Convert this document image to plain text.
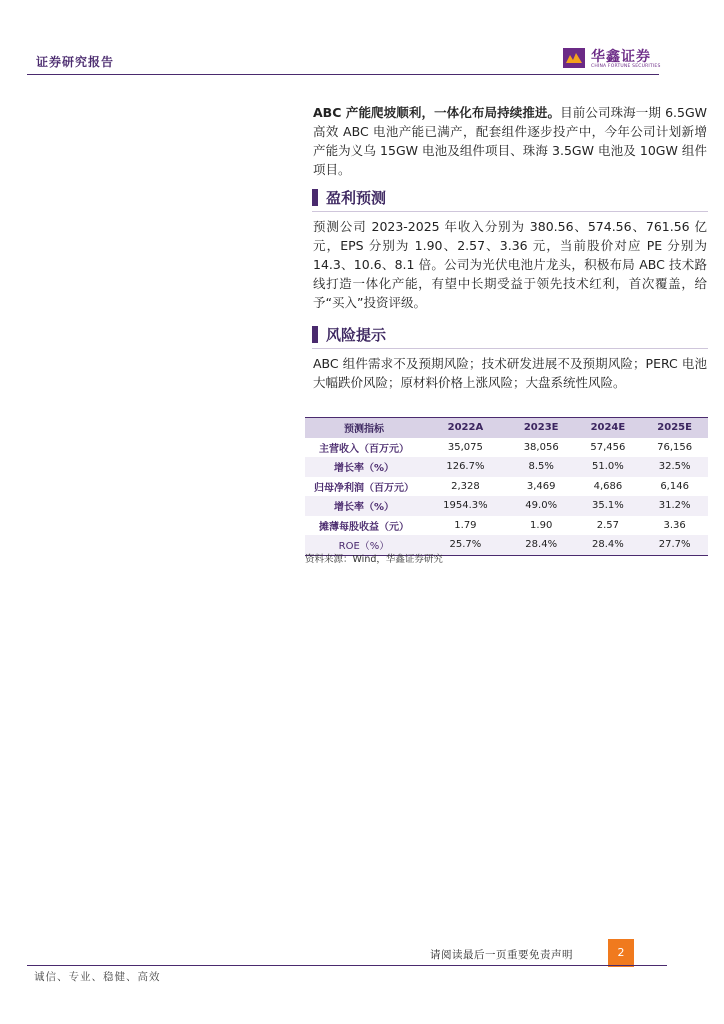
证券研究报告	华鑫证券
CHINA FORTUNE SECURITIES
ABC 产能爬坡顺利，一体化布局持续推进。目前公司珠海一期 6.5GW 高效 ABC 电池产能已满产，配套组件逐步投产中，今年公司计划新增产能为义乌 15GW 电池及组件项目、珠海 3.5GW 电池及 10GW 组件项目。
盈利预测
预测公司 2023-2025 年收入分别为 380.56、574.56、761.56 亿元，EPS 分别为 1.90、2.57、3.36 元，当前股价对应 PE 分别为 14.3、10.6、8.1 倍。公司为光伏电池片龙头，积极布局 ABC 技术路线打造一体化产能，有望中长期受益于领先技术红利，首次覆盖，给予“买入”投资评级。
风险提示
ABC 组件需求不及预期风险；技术研发进展不及预期风险；PERC 电池大幅跌价风险；原材料价格上涨风险；大盘系统性风险。
预测指标	2022A	2023E	2024E	2025E
主营收入（百万元）	35,075	38,056	57,456	76,156
增长率（%）	126.7%	8.5%	51.0%	32.5%
归母净利润（百万元）	2,328	3,469	4,686	6,146
增长率（%）	1954.3%	49.0%	35.1%	31.2%
摊薄每股收益（元）	1.79	1.90	2.57	3.36
ROE（%）	25.7%	28.4%	28.4%	27.7%
资料来源：Wind，华鑫证券研究
请阅读最后一页重要免责声明	2
诚信、专业、稳健、高效
